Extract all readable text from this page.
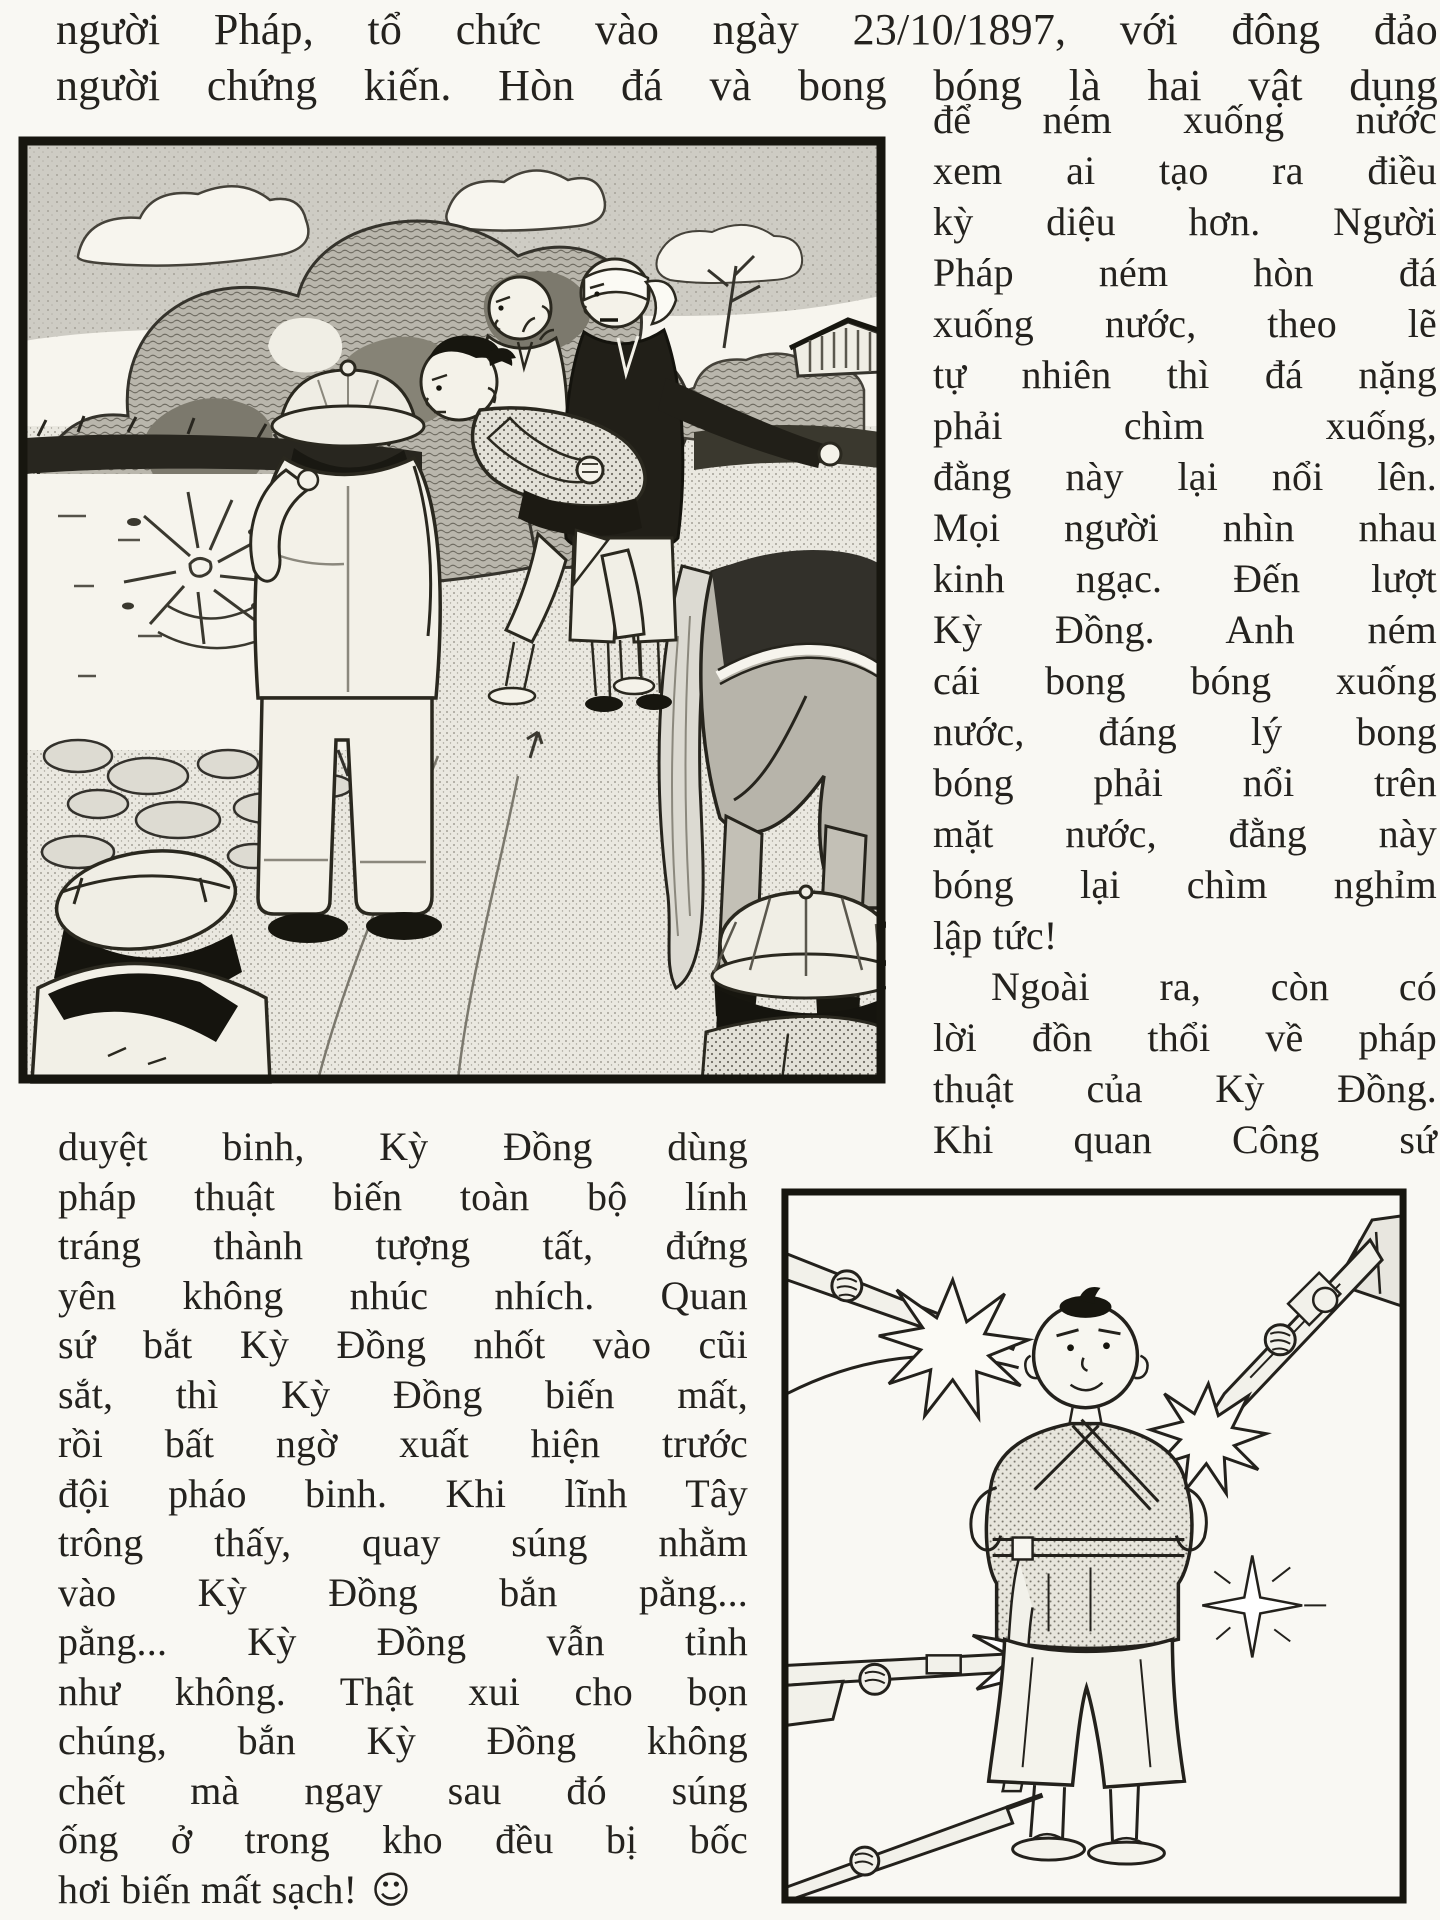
người Pháp, tổ chức vào ngày 23/10/1897, với đông đảo
người chứng kiến. Hòn đá và bong bóng là hai vật dụng
để ném xuống nước
xem ai tạo ra điều
kỳ diệu hơn. Người
Pháp ném hòn đá
xuống nước, theo lẽ
tự nhiên thì đá nặng
phải chìm xuống,
đằng này lại nổi lên.
Mọi người nhìn nhau
kinh ngạc. Đến lượt
Kỳ Đồng. Anh ném
cái bong bóng xuống
nước, đáng lý bong
bóng phải nổi trên
mặt nước, đằng này
bóng lại chìm nghỉm
lập tức!
Ngoài ra, còn có
lời đồn thổi về pháp
thuật của Kỳ Đồng.
Khi quan Công sứ
duyệt binh, Kỳ Đồng dùng
pháp thuật biến toàn bộ lính
tráng thành tượng tất, đứng
yên không nhúc nhích. Quan
sứ bắt Kỳ Đồng nhốt vào cũi
sắt, thì Kỳ Đồng biến mất,
rồi bất ngờ xuất hiện trước
đội pháo binh. Khi lĩnh Tây
trông thấy, quay súng nhằm
vào Kỳ Đồng bắn pằng...
pằng... Kỳ Đồng vẫn tỉnh
như không. Thật xui cho bọn
chúng, bắn Kỳ Đồng không
chết mà ngay sau đó súng
ống ở trong kho đều bị bốc
hơi biến mất sạch! ☺
